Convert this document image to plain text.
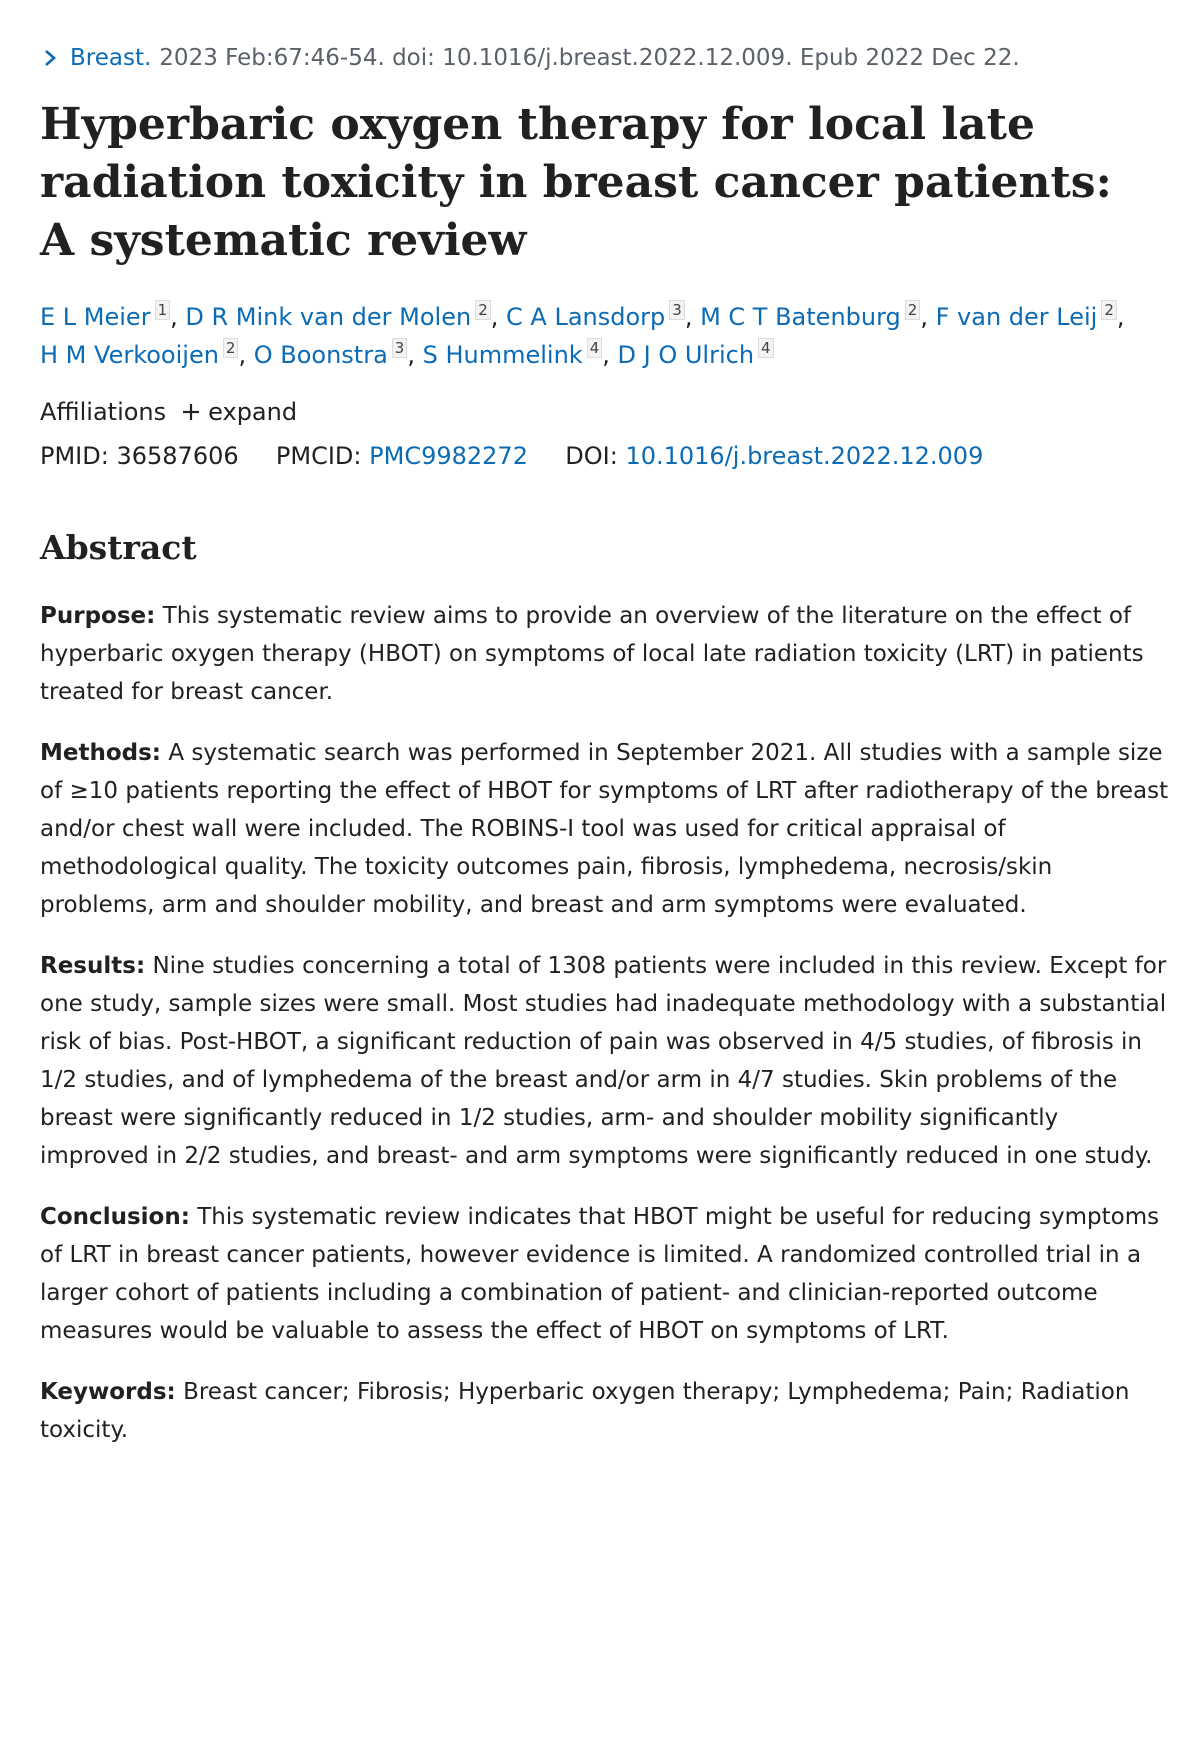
Breast. 2023 Feb:67:46-54. doi: 10.1016/j.breast.2022.12.009. Epub 2022 Dec 22.
Hyperbaric oxygen therapy for local late radiation toxicity in breast cancer patients: A systematic review
E L Meier 1 , D R Mink van der Molen 2 , C A Lansdorp 3 , M C T Batenburg 2 , F van der Leij 2 ,
H M Verkooijen 2 , O Boonstra 3 , S Hummelink 4 , D J O Ulrich 4
Affiliations expand
PMID: 36587606 PMCID: PMC9982272 DOI: 10.1016/j.breast.2022.12.009
Abstract

Purpose: This systematic review aims to provide an overview of the literature on the effect of hyperbaric oxygen therapy (HBOT) on symptoms of local late radiation toxicity (LRT) in patients treated for breast cancer.

Methods: A systematic search was performed in September 2021. All studies with a sample size of ≥10 patients reporting the effect of HBOT for symptoms of LRT after radiotherapy of the breast and/or chest wall were included. The ROBINS-I tool was used for critical appraisal of methodological quality. The toxicity outcomes pain, fibrosis, lymphedema, necrosis/skin problems, arm and shoulder mobility, and breast and arm symptoms were evaluated.

Results: Nine studies concerning a total of 1308 patients were included in this review. Except for one study, sample sizes were small. Most studies had inadequate methodology with a substantial risk of bias. Post-HBOT, a significant reduction of pain was observed in 4/5 studies, of fibrosis in 1/2 studies, and of lymphedema of the breast and/or arm in 4/7 studies. Skin problems of the breast were significantly reduced in 1/2 studies, arm- and shoulder mobility significantly improved in 2/2 studies, and breast- and arm symptoms were significantly reduced in one study.

Conclusion: This systematic review indicates that HBOT might be useful for reducing symptoms of LRT in breast cancer patients, however evidence is limited. A randomized controlled trial in a larger cohort of patients including a combination of patient- and clinician-reported outcome measures would be valuable to assess the effect of HBOT on symptoms of LRT.

Keywords: Breast cancer; Fibrosis; Hyperbaric oxygen therapy; Lymphedema; Pain; Radiation toxicity.
